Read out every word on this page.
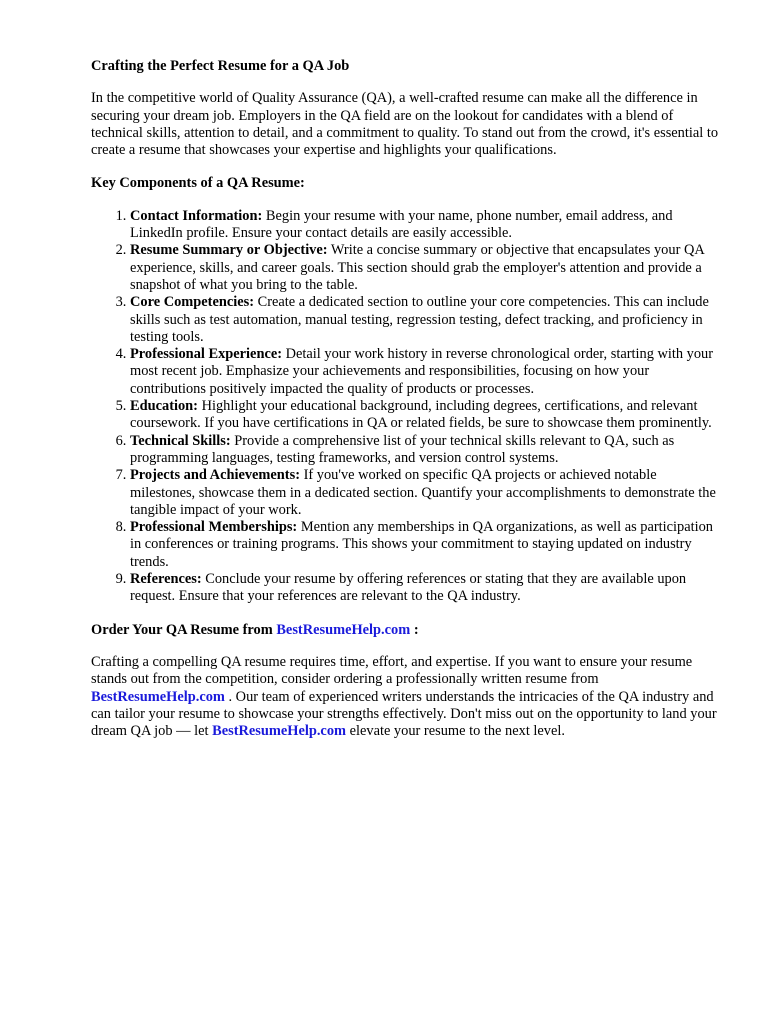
Crafting the Perfect Resume for a QA Job
In the competitive world of Quality Assurance (QA), a well-crafted resume can make all the difference in securing your dream job. Employers in the QA field are on the lookout for candidates with a blend of technical skills, attention to detail, and a commitment to quality. To stand out from the crowd, it's essential to create a resume that showcases your expertise and highlights your qualifications.
Key Components of a QA Resume:
1. Contact Information: Begin your resume with your name, phone number, email address, and LinkedIn profile. Ensure your contact details are easily accessible.
2. Resume Summary or Objective: Write a concise summary or objective that encapsulates your QA experience, skills, and career goals. This section should grab the employer's attention and provide a snapshot of what you bring to the table.
3. Core Competencies: Create a dedicated section to outline your core competencies. This can include skills such as test automation, manual testing, regression testing, defect tracking, and proficiency in testing tools.
4. Professional Experience: Detail your work history in reverse chronological order, starting with your most recent job. Emphasize your achievements and responsibilities, focusing on how your contributions positively impacted the quality of products or processes.
5. Education: Highlight your educational background, including degrees, certifications, and relevant coursework. If you have certifications in QA or related fields, be sure to showcase them prominently.
6. Technical Skills: Provide a comprehensive list of your technical skills relevant to QA, such as programming languages, testing frameworks, and version control systems.
7. Projects and Achievements: If you've worked on specific QA projects or achieved notable milestones, showcase them in a dedicated section. Quantify your accomplishments to demonstrate the tangible impact of your work.
8. Professional Memberships: Mention any memberships in QA organizations, as well as participation in conferences or training programs. This shows your commitment to staying updated on industry trends.
9. References: Conclude your resume by offering references or stating that they are available upon request. Ensure that your references are relevant to the QA industry.
Order Your QA Resume from BestResumeHelp.com :
Crafting a compelling QA resume requires time, effort, and expertise. If you want to ensure your resume stands out from the competition, consider ordering a professionally written resume from BestResumeHelp.com . Our team of experienced writers understands the intricacies of the QA industry and can tailor your resume to showcase your strengths effectively. Don't miss out on the opportunity to land your dream QA job — let BestResumeHelp.com elevate your resume to the next level.
